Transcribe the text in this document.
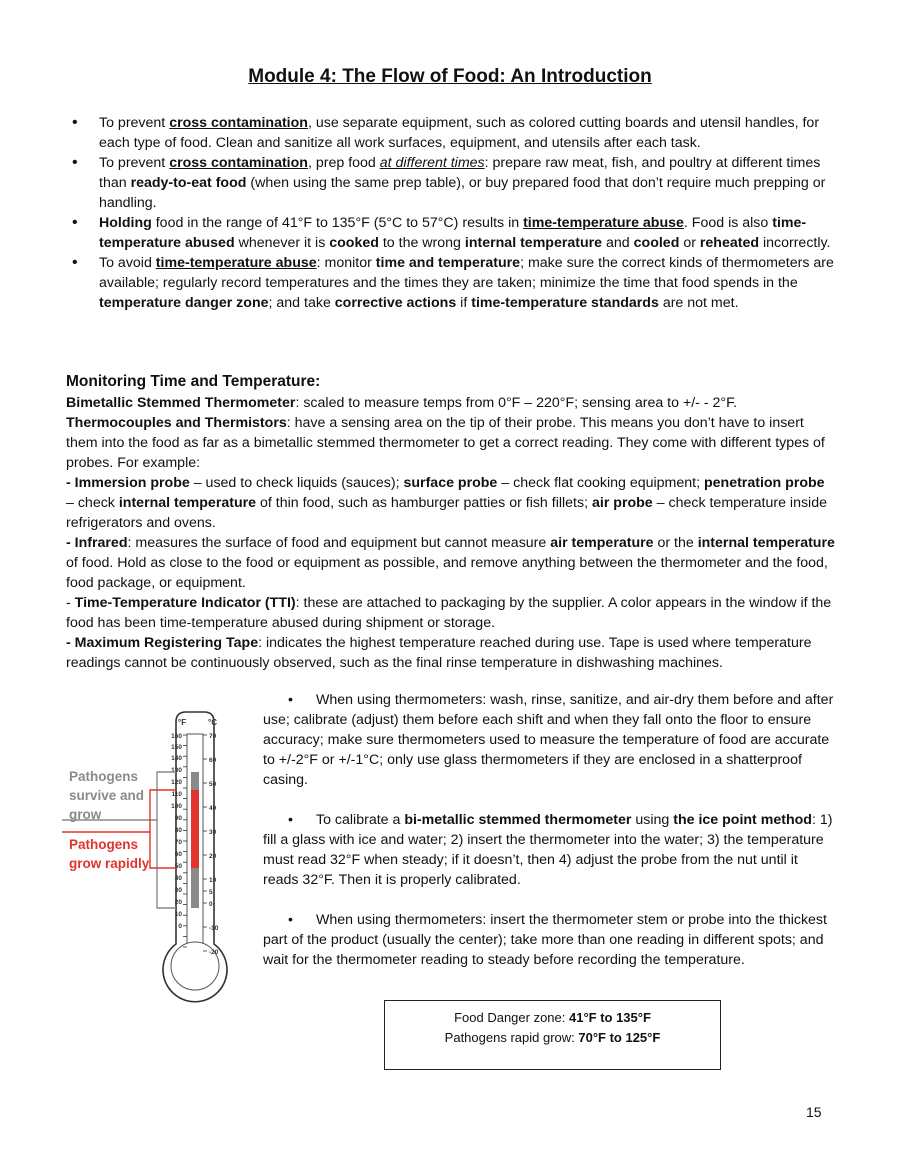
Module 4: The Flow of Food: An Introduction
• To prevent cross contamination, use separate equipment, such as colored cutting boards and utensil handles, for each type of food. Clean and sanitize all work surfaces, equipment, and utensils after each task.
• To prevent cross contamination, prep food at different times: prepare raw meat, fish, and poultry at different times than ready-to-eat food (when using the same prep table), or buy prepared food that don’t require much prepping or handling.
• Holding food in the range of 41°F to 135°F (5°C to 57°C) results in time-temperature abuse. Food is also time-temperature abused whenever it is cooked to the wrong internal temperature and cooled or reheated incorrectly.
• To avoid time-temperature abuse: monitor time and temperature; make sure the correct kinds of thermometers are available; regularly record temperatures and the times they are taken; minimize the time that food spends in the temperature danger zone; and take corrective actions if time-temperature standards are not met.
Monitoring Time and Temperature:

Bimetallic Stemmed Thermometer: scaled to measure temps from 0°F – 220°F; sensing area to +/- - 2°F.

Thermocouples and Thermistors: have a sensing area on the tip of their probe. This means you don’t have to insert them into the food as far as a bimetallic stemmed thermometer to get a correct reading. They come with different types of probes. For example:

- Immersion probe – used to check liquids (sauces); surface probe – check flat cooking equipment; penetration probe – check internal temperature of thin food, such as hamburger patties or fish fillets; air probe – check temperature inside refrigerators and ovens.

- Infrared: measures the surface of food and equipment but cannot measure air temperature or the internal temperature of food. Hold as close to the food or equipment as possible, and remove anything between the thermometer and the food, food package, or equipment.

- Time-Temperature Indicator (TTI): these are attached to packaging by the supplier. A color appears in the window if the food has been time-temperature abused during shipment or storage.

- Maximum Registering Tape: indicates the highest temperature reached during use. Tape is used where temperature readings cannot be continuously observed, such as the final rinse temperature in dishwashing machines.

°F	°C
160
150
140
130
120
110
100
90
80
70
60
50
40
30
20
10
0
70
60
50
40
30
20
10
5
0
-10
-20
Pathogens
survive and
grow
Pathogens
grow rapidly

• When using thermometers: wash, rinse, sanitize, and air-dry them before and after use; calibrate (adjust) them before each shift and when they fall onto the floor to ensure accuracy; make sure thermometers used to measure the temperature of food are accurate to +/-2°F or +/-1°C; only use glass thermometers if they are enclosed in a shatterproof casing.

• To calibrate a bi-metallic stemmed thermometer using the ice point method: 1) fill a glass with ice and water; 2) insert the thermometer into the water; 3) the temperature must read 32°F when steady; if it doesn’t, then 4) adjust the probe from the nut until it reads 32°F. Then it is properly calibrated.

• When using thermometers: insert the thermometer stem or probe into the thickest part of the product (usually the center); take more than one reading in different spots; and wait for the thermometer reading to steady before recording the temperature.

Food Danger zone: 41°F to 135°F
Pathogens rapid grow: 70°F to 125°F
15
